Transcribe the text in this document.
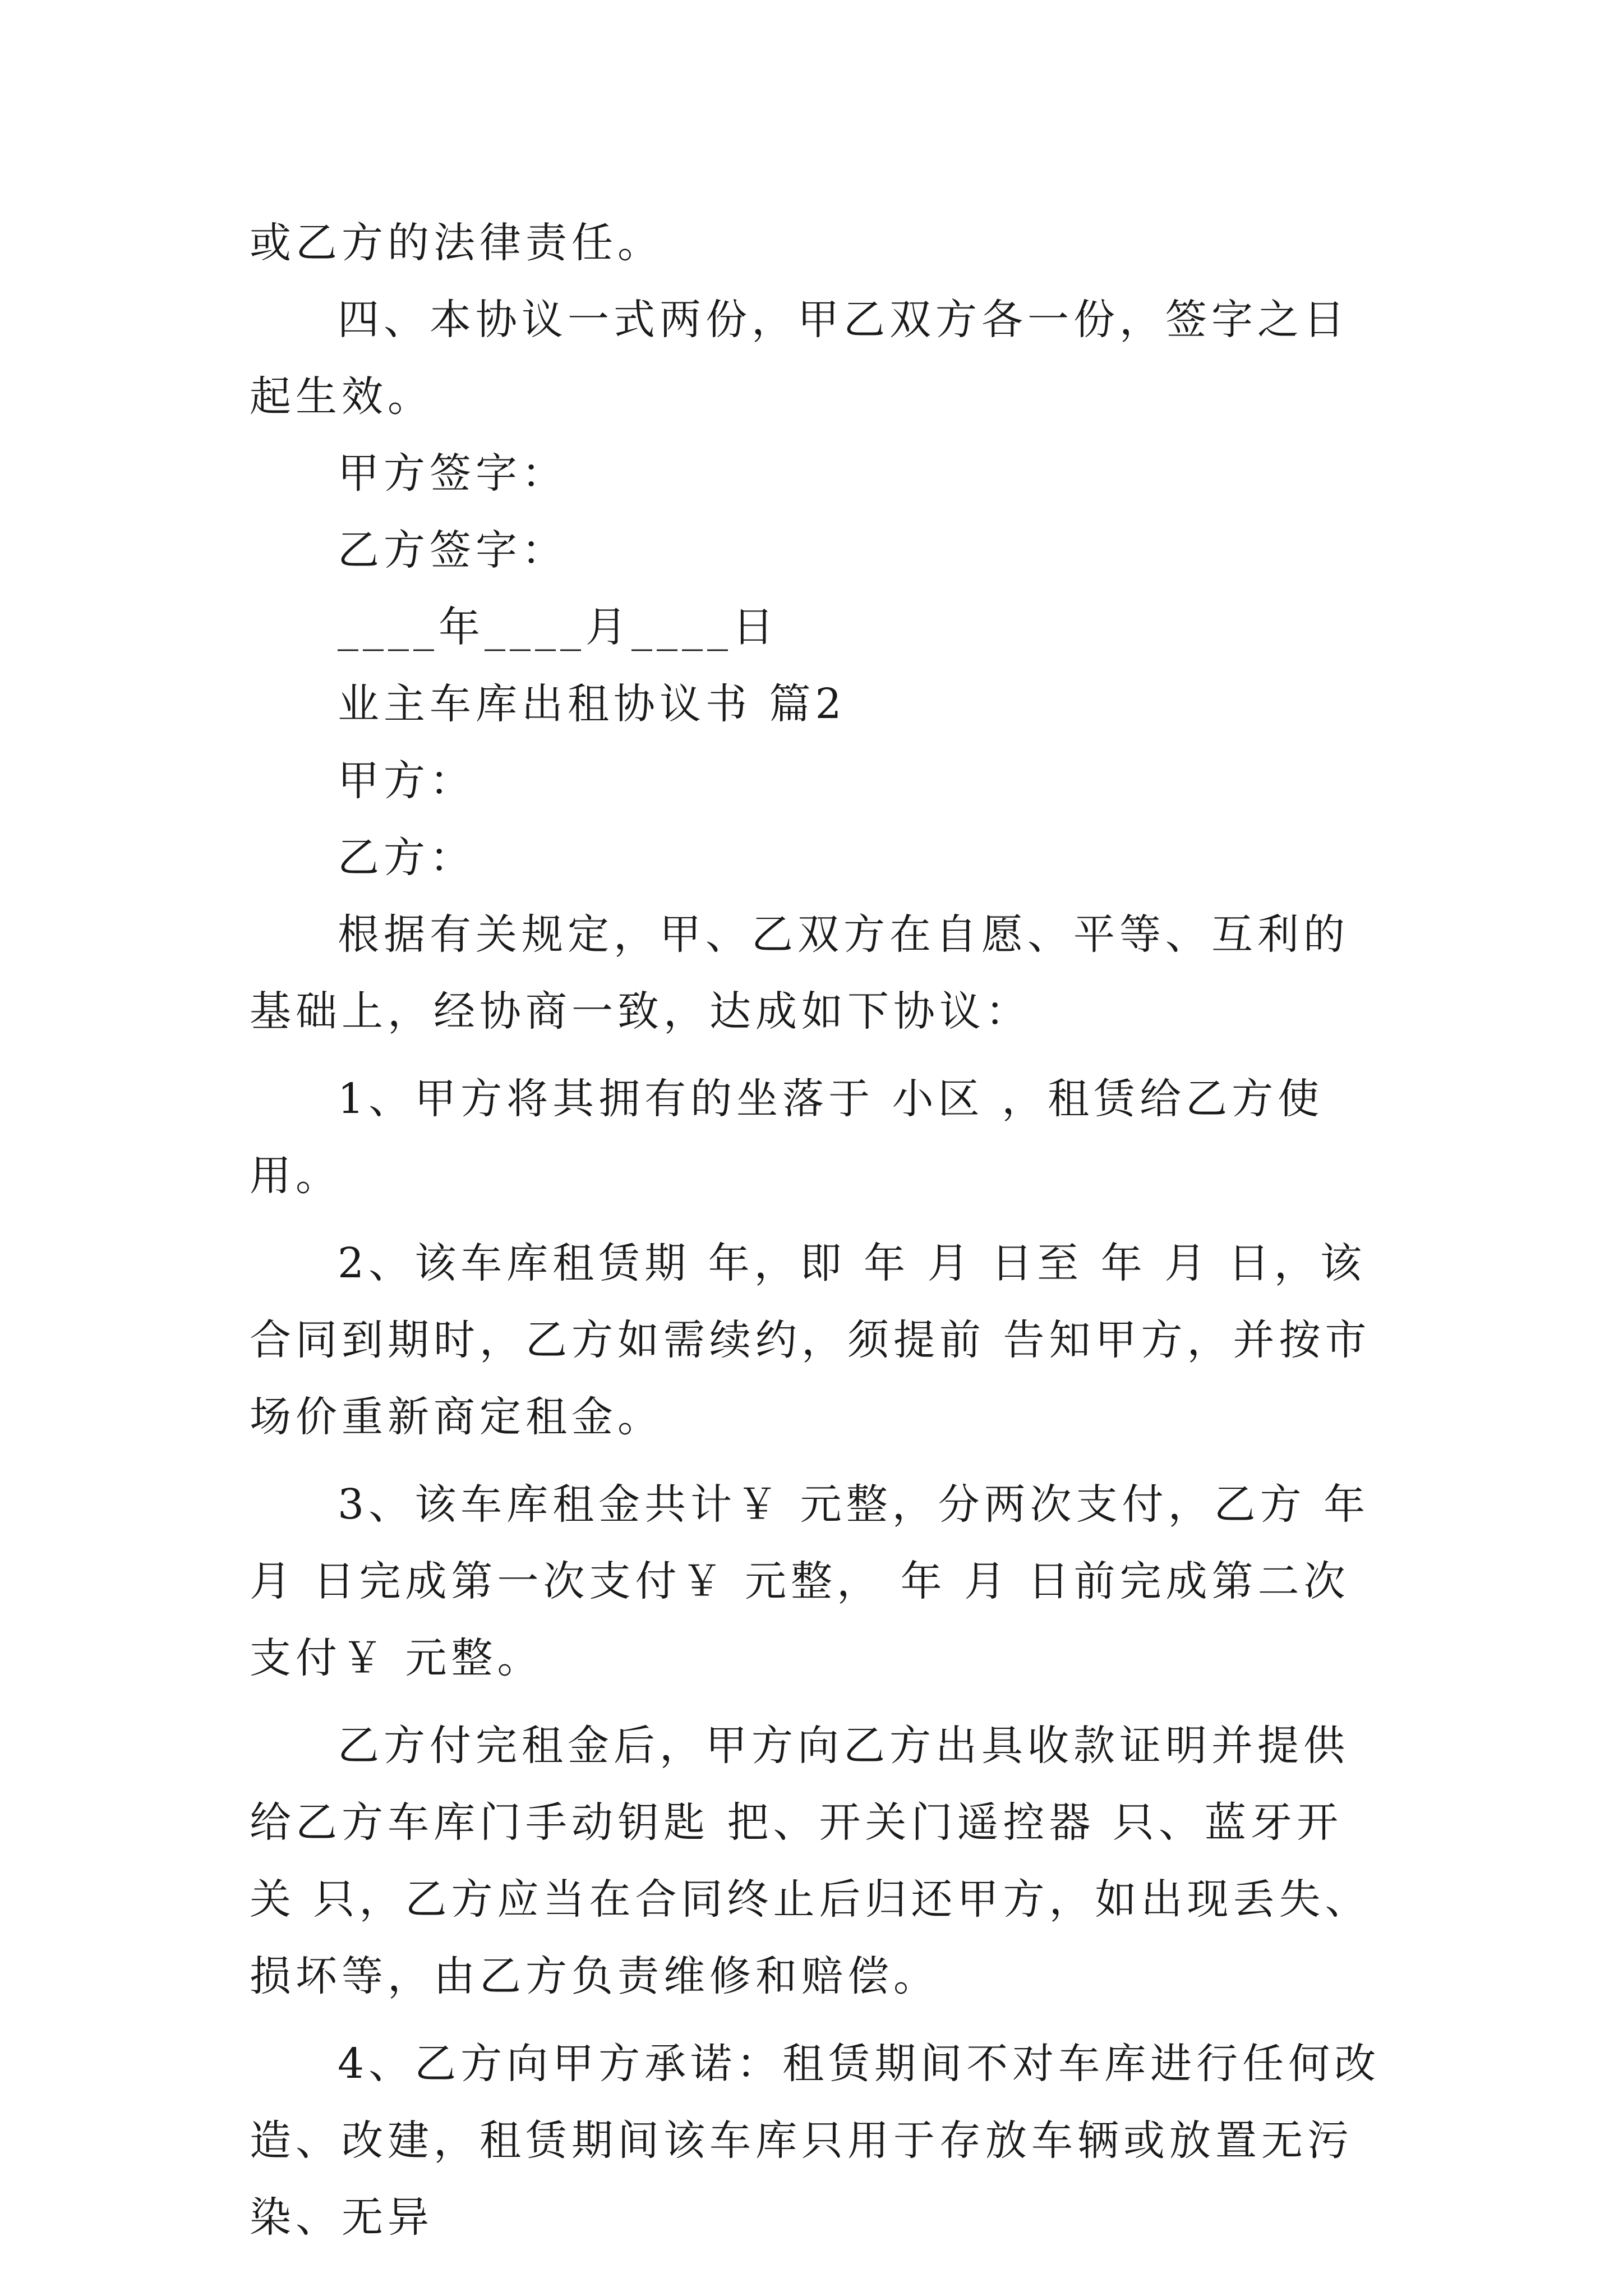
或乙方的法律责任。

四、本协议一式两份，甲乙双方各一份，签字之日起生效。

甲方签字：

乙方签字：

____年____月____日

业主车库出租协议书 篇2

甲方：

乙方：

根据有关规定，甲、乙双方在自愿、平等、互利的基础上，经协商一致，达成如下协议：

1、甲方将其拥有的坐落于 小区 ，租赁给乙方使用。

2、该车库租赁期 年，即 年 月 日至 年 月 日，该合同到期时，乙方如需续约，须提前 告知甲方，并按市场价重新商定租金。

3、该车库租金共计￥ 元整，分两次支付，乙方 年 月 日完成第一次支付￥ 元整， 年 月 日前完成第二次支付￥ 元整。

乙方付完租金后，甲方向乙方出具收款证明并提供给乙方车库门手动钥匙 把、开关门遥控器 只、蓝牙开关 只，乙方应当在合同终止后归还甲方，如出现丢失、损坏等，由乙方负责维修和赔偿。

4、乙方向甲方承诺：租赁期间不对车库进行任何改造、改建，租赁期间该车库只用于存放车辆或放置无污染、无异
